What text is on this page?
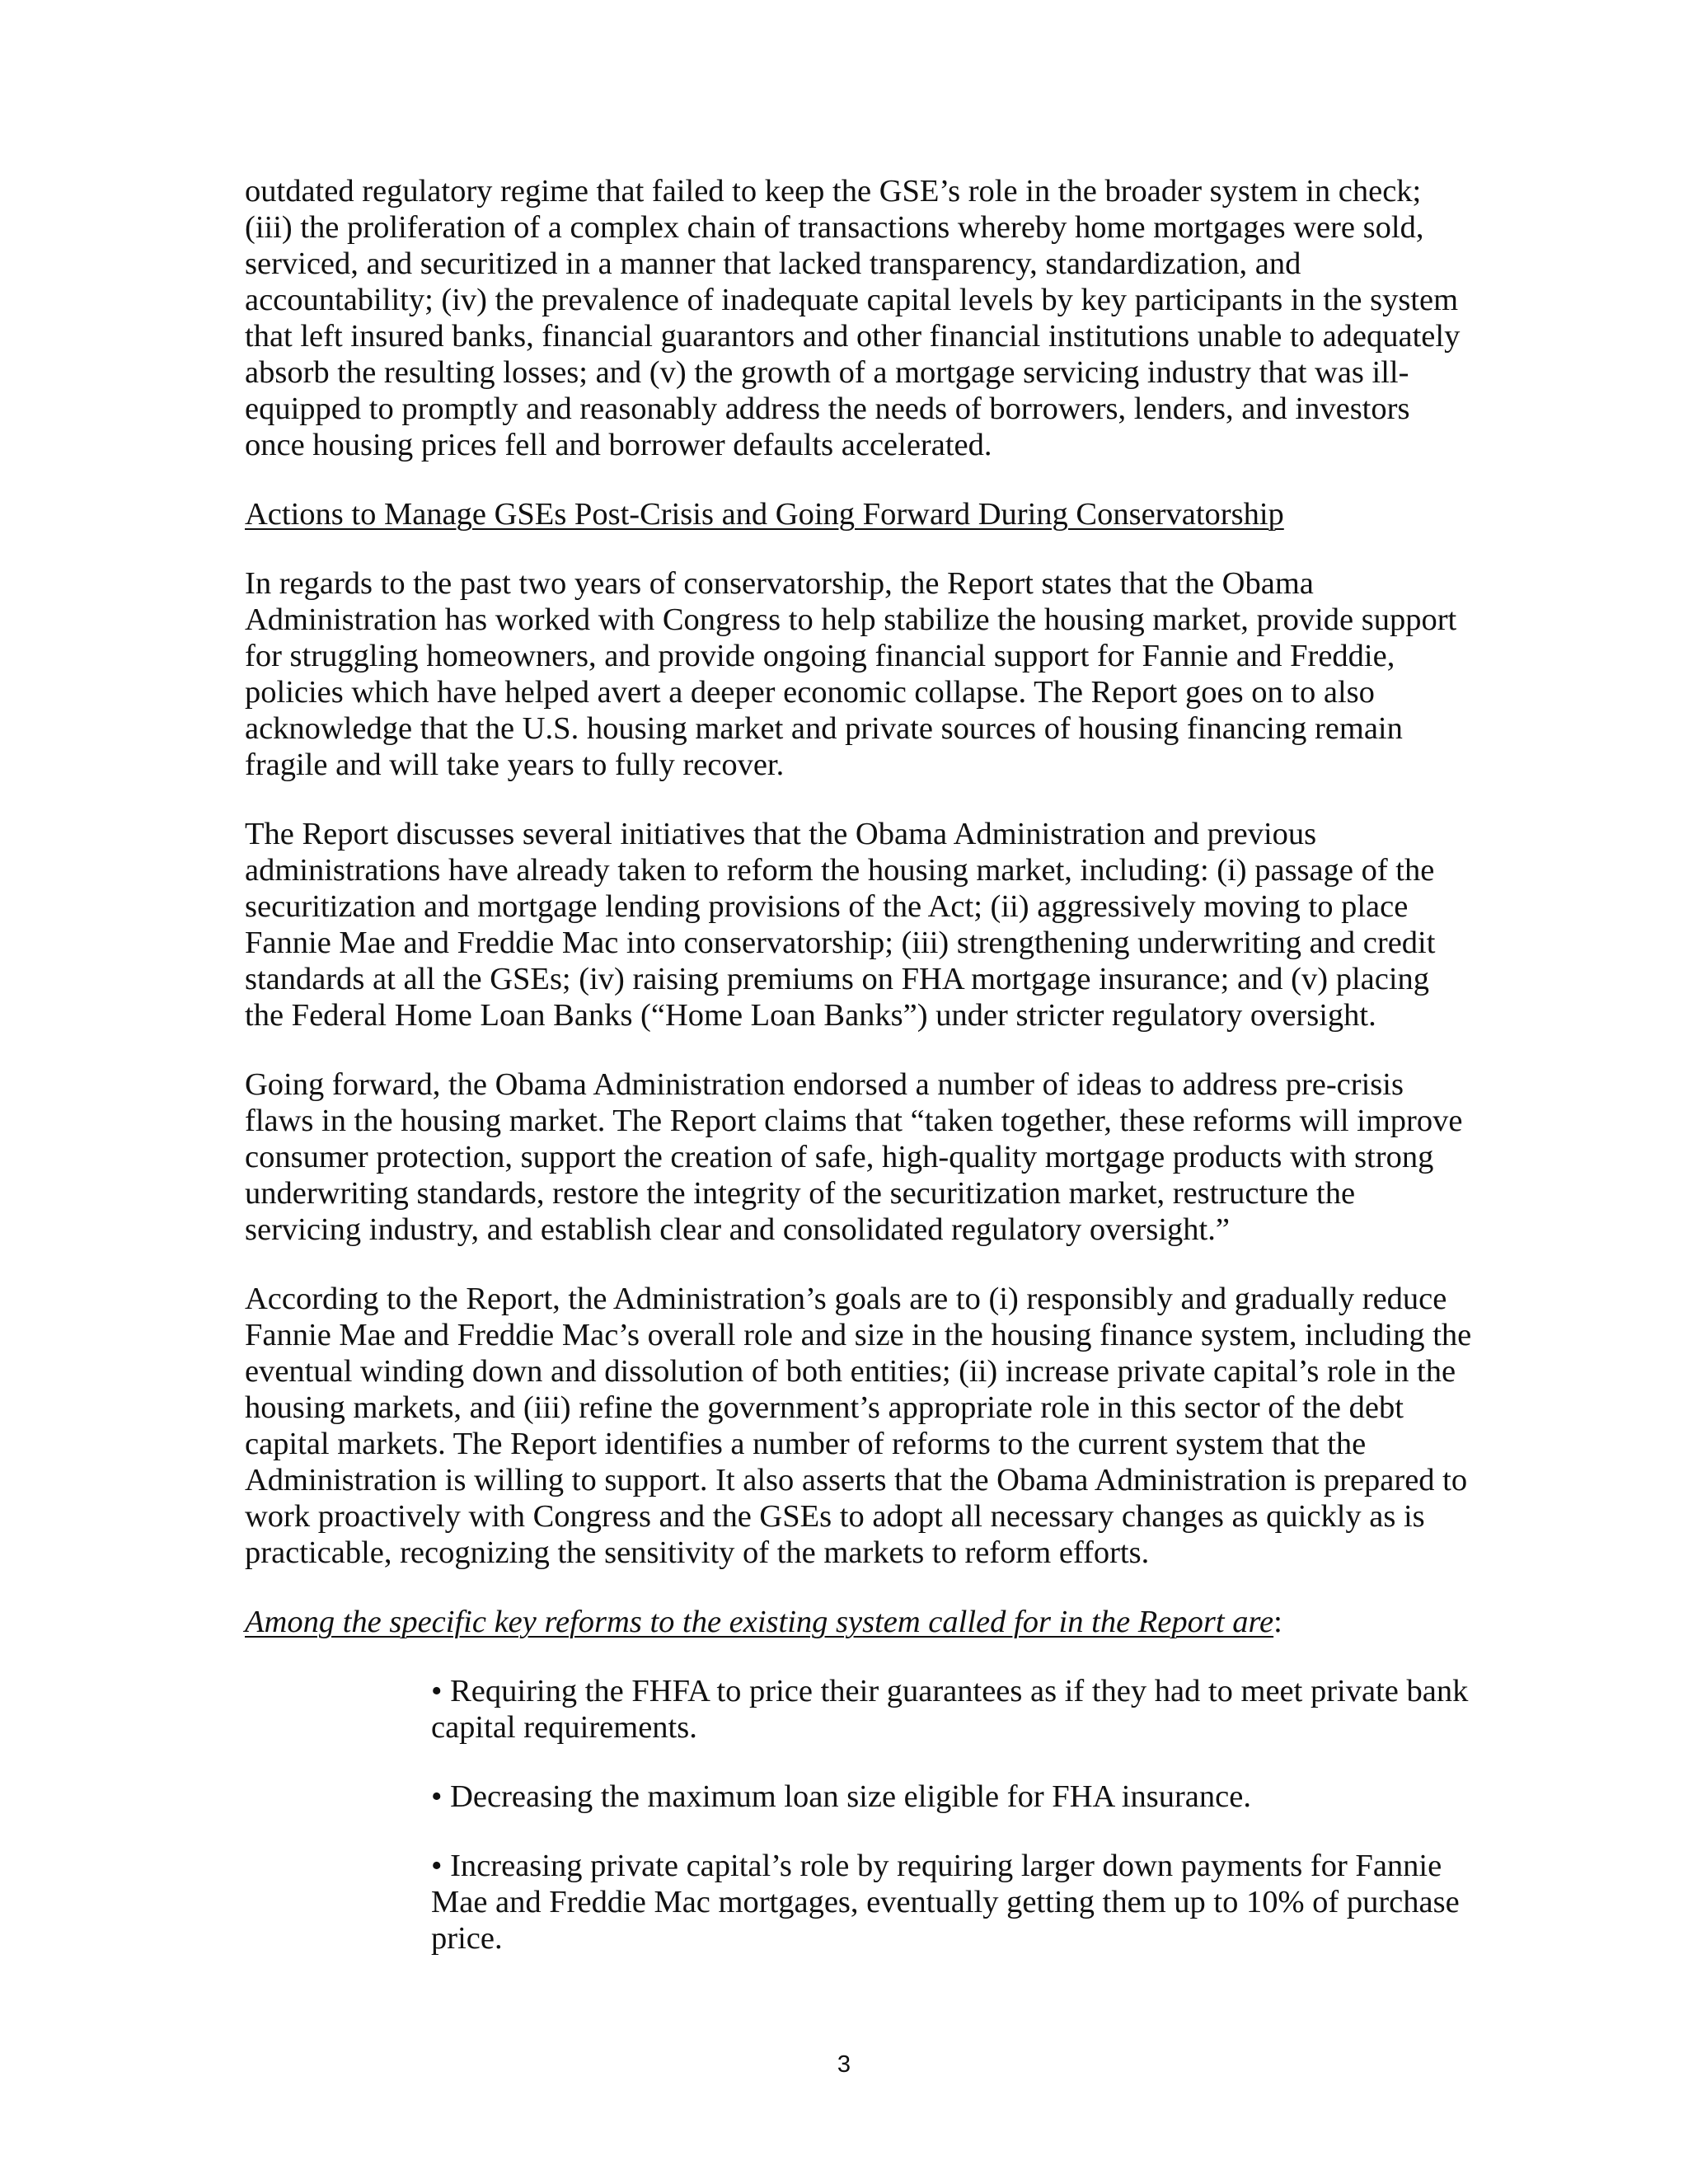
outdated regulatory regime that failed to keep the GSE’s role in the broader system in check; (iii) the proliferation of a complex chain of transactions whereby home mortgages were sold, serviced, and securitized in a manner that lacked transparency, standardization, and accountability; (iv) the prevalence of inadequate capital levels by key participants in the system that left insured banks, financial guarantors and other financial institutions unable to adequately absorb the resulting losses; and (v) the growth of a mortgage servicing industry that was ill-equipped to promptly and reasonably address the needs of borrowers, lenders, and investors once housing prices fell and borrower defaults accelerated.

Actions to Manage GSEs Post-Crisis and Going Forward During Conservatorship

In regards to the past two years of conservatorship, the Report states that the Obama Administration has worked with Congress to help stabilize the housing market, provide support for struggling homeowners, and provide ongoing financial support for Fannie and Freddie, policies which have helped avert a deeper economic collapse. The Report goes on to also acknowledge that the U.S. housing market and private sources of housing financing remain fragile and will take years to fully recover.

The Report discusses several initiatives that the Obama Administration and previous administrations have already taken to reform the housing market, including: (i) passage of the securitization and mortgage lending provisions of the Act; (ii) aggressively moving to place Fannie Mae and Freddie Mac into conservatorship; (iii) strengthening underwriting and credit standards at all the GSEs; (iv) raising premiums on FHA mortgage insurance; and (v) placing the Federal Home Loan Banks (“Home Loan Banks”) under stricter regulatory oversight.

Going forward, the Obama Administration endorsed a number of ideas to address pre-crisis flaws in the housing market. The Report claims that “taken together, these reforms will improve consumer protection, support the creation of safe, high-quality mortgage products with strong underwriting standards, restore the integrity of the securitization market, restructure the servicing industry, and establish clear and consolidated regulatory oversight.”

According to the Report, the Administration’s goals are to (i) responsibly and gradually reduce Fannie Mae and Freddie Mac’s overall role and size in the housing finance system, including the eventual winding down and dissolution of both entities; (ii) increase private capital’s role in the housing markets, and (iii) refine the government’s appropriate role in this sector of the debt capital markets. The Report identifies a number of reforms to the current system that the Administration is willing to support. It also asserts that the Obama Administration is prepared to work proactively with Congress and the GSEs to adopt all necessary changes as quickly as is practicable, recognizing the sensitivity of the markets to reform efforts.

Among the specific key reforms to the existing system called for in the Report are:

• Requiring the FHFA to price their guarantees as if they had to meet private bank capital requirements.
• Decreasing the maximum loan size eligible for FHA insurance.
• Increasing private capital’s role by requiring larger down payments for Fannie Mae and Freddie Mac mortgages, eventually getting them up to 10% of purchase price.
3
